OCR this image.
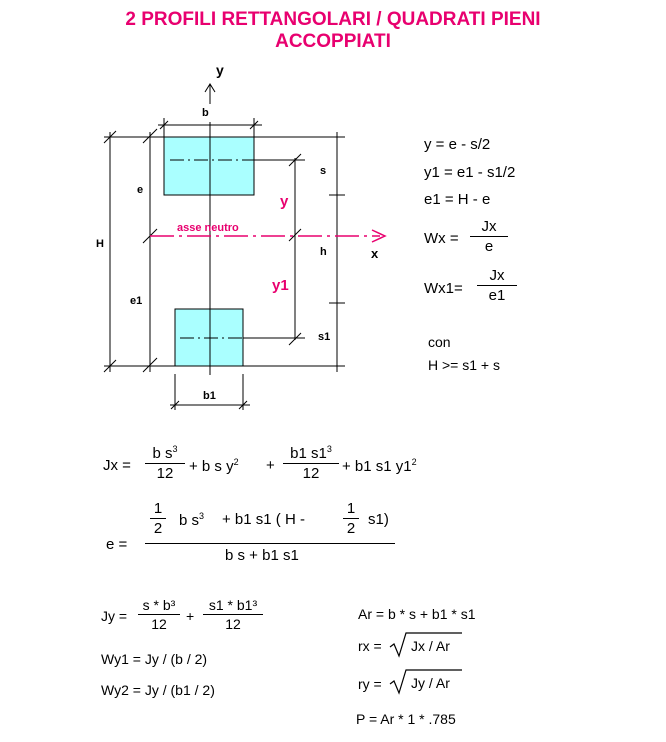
2 PROFILI RETTANGOLARI / QUADRATI PIENI
ACCOPPIATI
y
b
b1
H
e
e1
s
h
s1
x
y
y1
asse neutro
y = e - s/2
y1 = e1 - s1/2
e1 = H - e
Wx =
Jx
e
Wx1=
Jx
e1
con
H >= s1 + s
Jx =
b $s^3$
12	+ b s $y^2$ +
b1 $s1^3$
12	+ b1 s1 $y1^2$
e =
1
2 b $s^3 + b1$ s1 ( H -
1
2
s1)
b s + b1 s1
Jy =
s * b³
12	+
s1 * b1³
12
Wy1 = Jy / (b / 2)
Wy2 = Jy / (b1 / 2)
Ar = b * s + b1 * s1
rx = Jx / Ar
ry = Jy / Ar
P = Ar * 1 * .785
